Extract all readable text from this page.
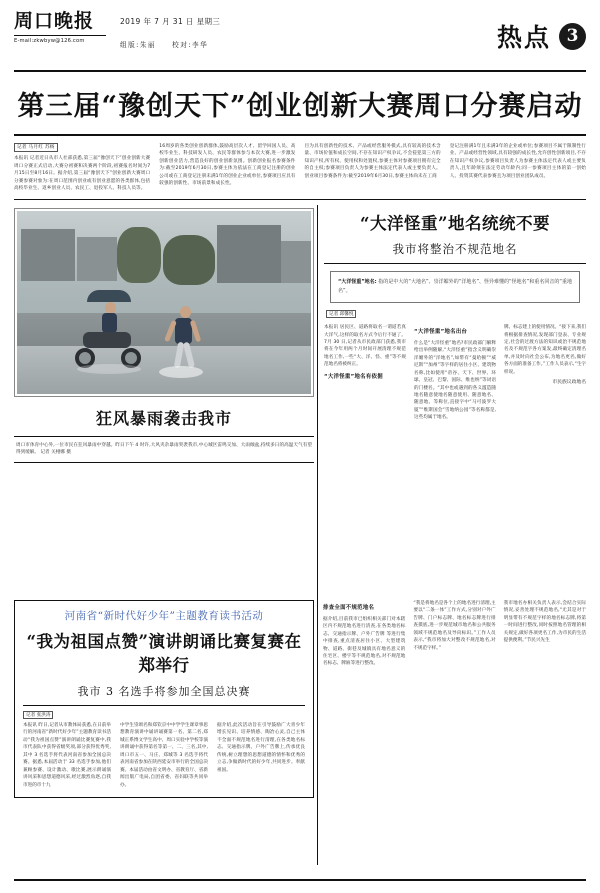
周口晚报
E-mail:zkwbyw@126.com
2019 年 7 月 31 日 星期三
组版:朱丽 校对:李华	热点 3
第三届“豫创天下”创业创新大赛周口分赛启动
记者 马月红 苏杨
本报讯 记者近日从市人社部获悉,第三届“豫创天下”创业创新大赛周口分赛正式启动,大赛分初赛和决赛两个阶段,初赛报名时间为7月15日至8月16日。据介绍,第三届“豫创天下”创业创新大赛周口分赛参赛对象为:在周口范围内创业或有创业意愿的各类群体,包括高校毕业生、返乡创业人员、农民工、退役军人、科技人员等。
16周岁的各类创业创新群体,鼓励高层次人才、留学回国人员、高校毕业生、科技研发人员、农民等群体参与本次大赛,进一步激发创新创业活力,营造良好的创业创新氛围。创新创业报名参赛条件为:截至2019年6月30日,参赛主体为依法在工商登记注册的创业公司或在工商登记注册未满1年的创业企业或单位,参赛项目应具有较强的创新性、市场前景和成长性。
目为具有创新性的技术、产品或经营服务模式,具有较高的技术含量、市场价值和成长空间,不存在知识产权争议,不会侵犯第三方的知识产权,所有权、使用权和处置权,参赛主体对参赛项目拥有完全的自主权;参赛项目负责人为参赛主体法定代表人或主要负责人。创业项目参赛条件为:截至2019年6月30日,参赛主体尚未在工商
登记注册满1年且未满3年的企业或单位;参赛项目不属于限制性行业、产品或经营性领域,具有较强的成长性,允许创性创新项目,不存在知识产权争议,参赛项目负责人为参赛主体法定代表人或主要负责人,且年龄须在法定劳动年龄内;同一参赛项目主体的第一创始人、投资其赛代表参赛且为项目创业团队成员。
狂风暴雨袭击我市
周口市体育中心外,一位市民在狂风暴雨中穿越。昨日下午 4 时许,大风夹杂暴雨突袭我市,中心城区雷鸣交加、大雨倾盆,持续多日的高温天气有望得到缓解。 记者 关栩娜 摄
“大洋怪重”地名统统不要
我市将整治不规范地名
“大洋怪重”地名: 指的是中大的“大地名”、崇洋媚外的“洋地名”、怪异难懂的“怪地名”和重名同音的“重地名”。
记者 邱馨悦
本报讯 居民区、道路将取名一谓道若真大洋气,这样的取名方式今后行不通了。7月 30 日,记者从市民政部门获悉,我市将在今年用两个月时间开展清理不规范地名工作,一些“大、洋、怪、重”等不规范地名将被纠正。
“大洋怪重”地名有依据
“大洋怪重”地名出台
什么是“大洋怪重”地名?市民政部门解释给出举例随解,“大洋怪重”指含义明确崇洋媚外的“洋地名”,如带有“曼哈顿”“威尼斯”“加州”等字样的居住小区、建筑物名称,比如使用“帝谷、天下、世界、环球、皇冠、巴黎、国际、维也纳”等词语的门楼名。“其中也或遇到的各义滥造随地名随意使地名随意使用、随意地名、随意地、等称位,直接字中“马可波罗大厦”“维斯国会“雪地纳公园”等名称都是,这些均属于地名。
牌、标志建上的使用情况。“接下来,我们将根据排查情况,发现部门登表、专业规定,社会的过渡方法的知识或治不规范地名及不规范字各方案发,最终确定清理名单,并及时向社会公布,为地名更名,做好各方面的准备工作。”工作人员表示,“生字样说。
市民族议政地名
河南省“新时代好少年”主题教育读书活动
“我为祖国点赞”演讲朗诵比赛复赛在郑举行
我市 3 名选手将参加全国总决赛
记者 张洪涛
本报讯 昨日,记者从市教体局获悉,在日前举行的河南省“新时代好少年”主题教育读书活动“我为祖国点赞”演讲朗诵比赛复赛中,我市代表队中获得省级奖项,部分获得优秀奖,其中 3 名选手将代表河南省参加全国总决赛。据悉,本届活动于 33 名选手参加,他们兼顾参赛、设计激动、歌比赛,展示朗诵演讲风采和思想道德风采,经过激烈角逐,自我市进的市十九
中学生崇颂名和郑钦京中中学学生课章事思想教育演讲中诵讲诵赛第一名、第二名,郑城正系博文学生高中、周口实验中学校等演讲朗诵中获得第名等第一、二、三名,其中,周口市五一、马庄、郑城等 3 名选手将代表河南省参加在陕西延安市举行的全国总决赛。本届活动由省文明办、省教育厅、省新闻出版广电局,自团省委、省妇联等共同举办。
据介绍,此次活动旨在引导鼓励广大青少年增长见识、培养情感、陶冶心灵,自己主体不全面不规范地名进行清理,在各类地名标志、交通指示牌、户外广告牌上,传承优良传统,树立理想的思想道德的情怀和优秀的立志,争做新时代的好少年,共同进步。奉献祖国。
排查全面不规范地名
据介绍,目前我市已组织相关部门对本辖区内不规范地名进行清查,在各类地名标志、交通指示牌、户外广告牌 等进行集中排查,重点清查居住小区、大型建筑物、道路、街巷及城镇具有地名意义的住宅区、楼宇等不规范地名,对不规范地名标志、牌匾等进行整改。
“我是将地名是各个上的地名进行清理,主要以“二条一体”工作方式,分别对户外广告牌、门户标志牌、地名标志牌进行排查摸底,进一步规范城市地名和公共服务领域不规范地名及导向标识。”工作人员表示,“我市将加大对整改不规范地名,对不规范字样。”
我市地名办相关负责人表示,会结合实际情况,妥善处理不规范地名,“尤其是对于明显带有不规范字样的地名标志牌,将第一时间进行整改,同时按照地名管理的相关规定,做好各项更名工作,为市民的生活提供便利。”节民兴先生
